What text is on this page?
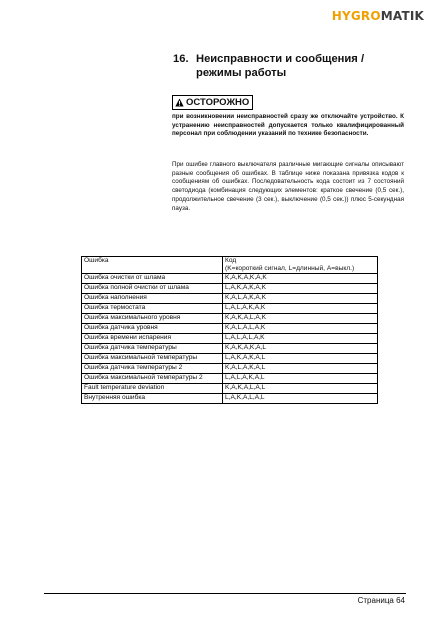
HYGROMATIK
16. Неисправности и сообщения / режимы работы
ОСТОРОЖНО
при возникновении неисправностей сразу же отключайте устройство. К устранению неисправностей допускается только квалифицированный персонал при соблюдении указаний по технике безопасности.
При ошибке главного выключателя различные мигающие сигналы описывают разные сообщения об ошибках. В таблице ниже показана привязка кодов к сообщениям об ошибках. Последовательность кода состоит из 7 состояний светодиода (комбинация следующих элементов: краткое свечение (0,5 сек.), продолжительное свечение (3 сек.), выключение (0,5 сек.)) плюс 5-секундная пауза.
Ошибка	Код
(K=короткий сигнал, L=длинный, A=выкл.)

Ошибка очистки от шлама	K,A,K,A,K,A,K
Ошибка полной очистки от шлама	L,A,K,A,K,A,K
Ошибка наполнения	K,A,L,A,K,A,K
Ошибка термостата	L,A,L,A,K,A,K
Ошибка максимального уровня	K,A,K,A,L,A,K
Ошибка датчика уровня	K,A,L,A,L,A,K
Ошибка времени испарения	L,A,L,A,L,A,K
Ошибка датчика температуры	K,A,K,A,K,A,L
Ошибка максимальной температуры	L,A,K,A,K,A,L
Ошибка датчика температуры 2	K,A,L,A,K,A,L
Ошибка максимальной температуры 2	L,A,L,A,K,A,L
Fault temperature deviation	K,A,K,A,L,A,L
Внутренняя ошибка	L,A,K,A,L,A,L
Страница 64
